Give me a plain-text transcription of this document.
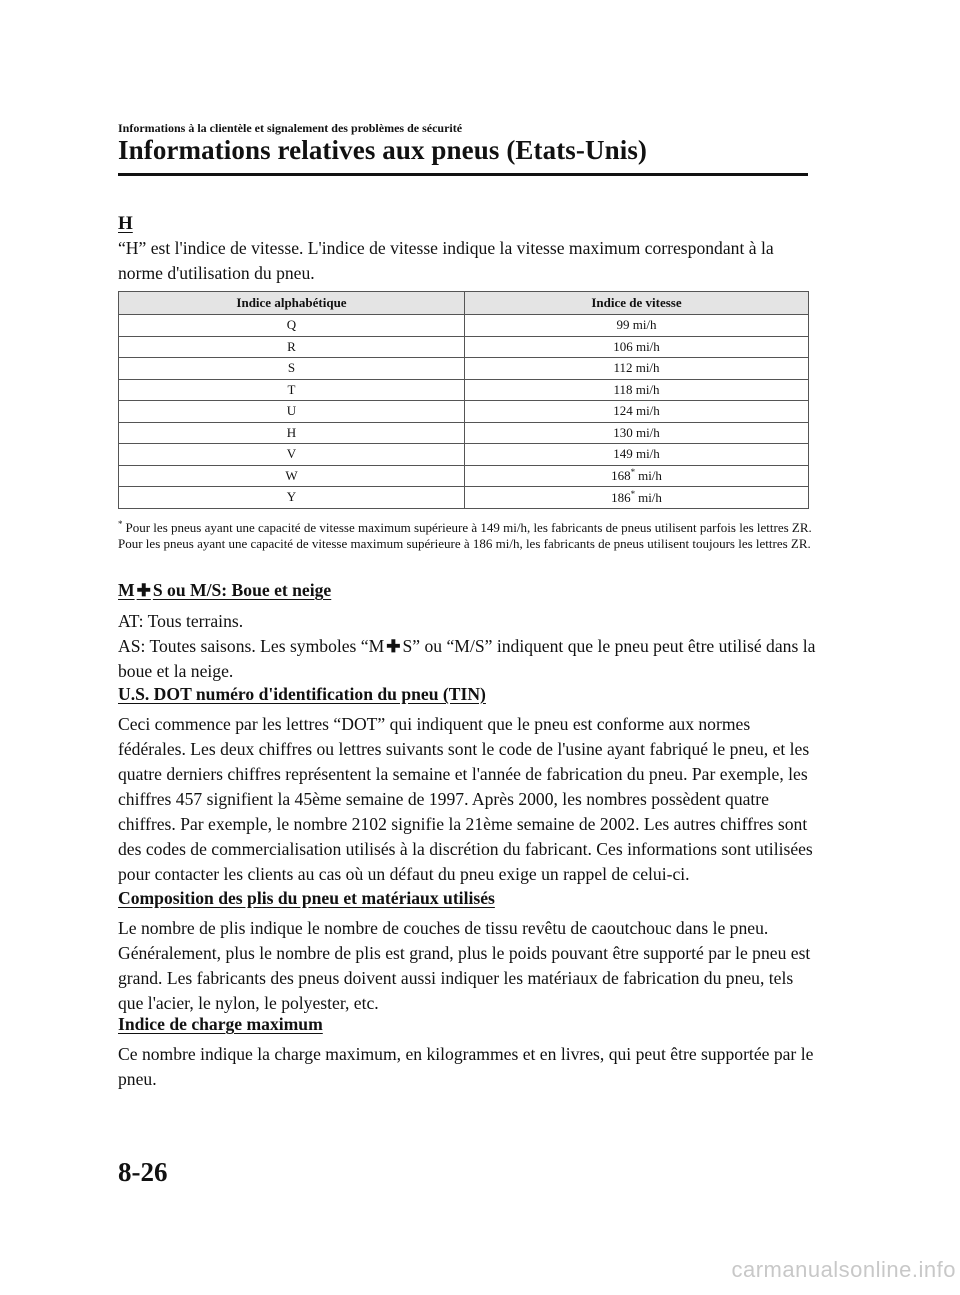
Informations à la clientèle et signalement des problèmes de sécurité
Informations relatives aux pneus (Etats-Unis)
H
“H” est l'indice de vitesse. L'indice de vitesse indique la vitesse maximum correspondant à la norme d'utilisation du pneu.
Indice alphabétique	Indice de vitesse
Q	99 mi/h
R	106 mi/h
S	112 mi/h
T	118 mi/h
U	124 mi/h
H	130 mi/h
V	149 mi/h
W	168* mi/h
Y	186* mi/h
* Pour les pneus ayant une capacité de vitesse maximum supérieure à 149 mi/h, les fabricants de pneus utilisent parfois les lettres ZR. Pour les pneus ayant une capacité de vitesse maximum supérieure à 186 mi/h, les fabricants de pneus utilisent toujours les lettres ZR.
M ✚ S ou M/S: Boue et neige
AT: Tous terrains.
AS: Toutes saisons. Les symboles “M ✚ S” ou “M/S” indiquent que le pneu peut être utilisé dans la boue et la neige.
U.S. DOT numéro d'identification du pneu (TIN)
Ceci commence par les lettres “DOT” qui indiquent que le pneu est conforme aux normes fédérales. Les deux chiffres ou lettres suivants sont le code de l'usine ayant fabriqué le pneu, et les quatre derniers chiffres représentent la semaine et l'année de fabrication du pneu. Par exemple, les chiffres 457 signifient la 45ème semaine de 1997. Après 2000, les nombres possèdent quatre chiffres. Par exemple, le nombre 2102 signifie la 21ème semaine de 2002. Les autres chiffres sont des codes de commercialisation utilisés à la discrétion du fabricant. Ces informations sont utilisées pour contacter les clients au cas où un défaut du pneu exige un rappel de celui-ci.
Composition des plis du pneu et matériaux utilisés
Le nombre de plis indique le nombre de couches de tissu revêtu de caoutchouc dans le pneu. Généralement, plus le nombre de plis est grand, plus le poids pouvant être supporté par le pneu est grand. Les fabricants des pneus doivent aussi indiquer les matériaux de fabrication du pneu, tels que l'acier, le nylon, le polyester, etc.
Indice de charge maximum
Ce nombre indique la charge maximum, en kilogrammes et en livres, qui peut être supportée par le pneu.
8-26
carmanualsonline.info
